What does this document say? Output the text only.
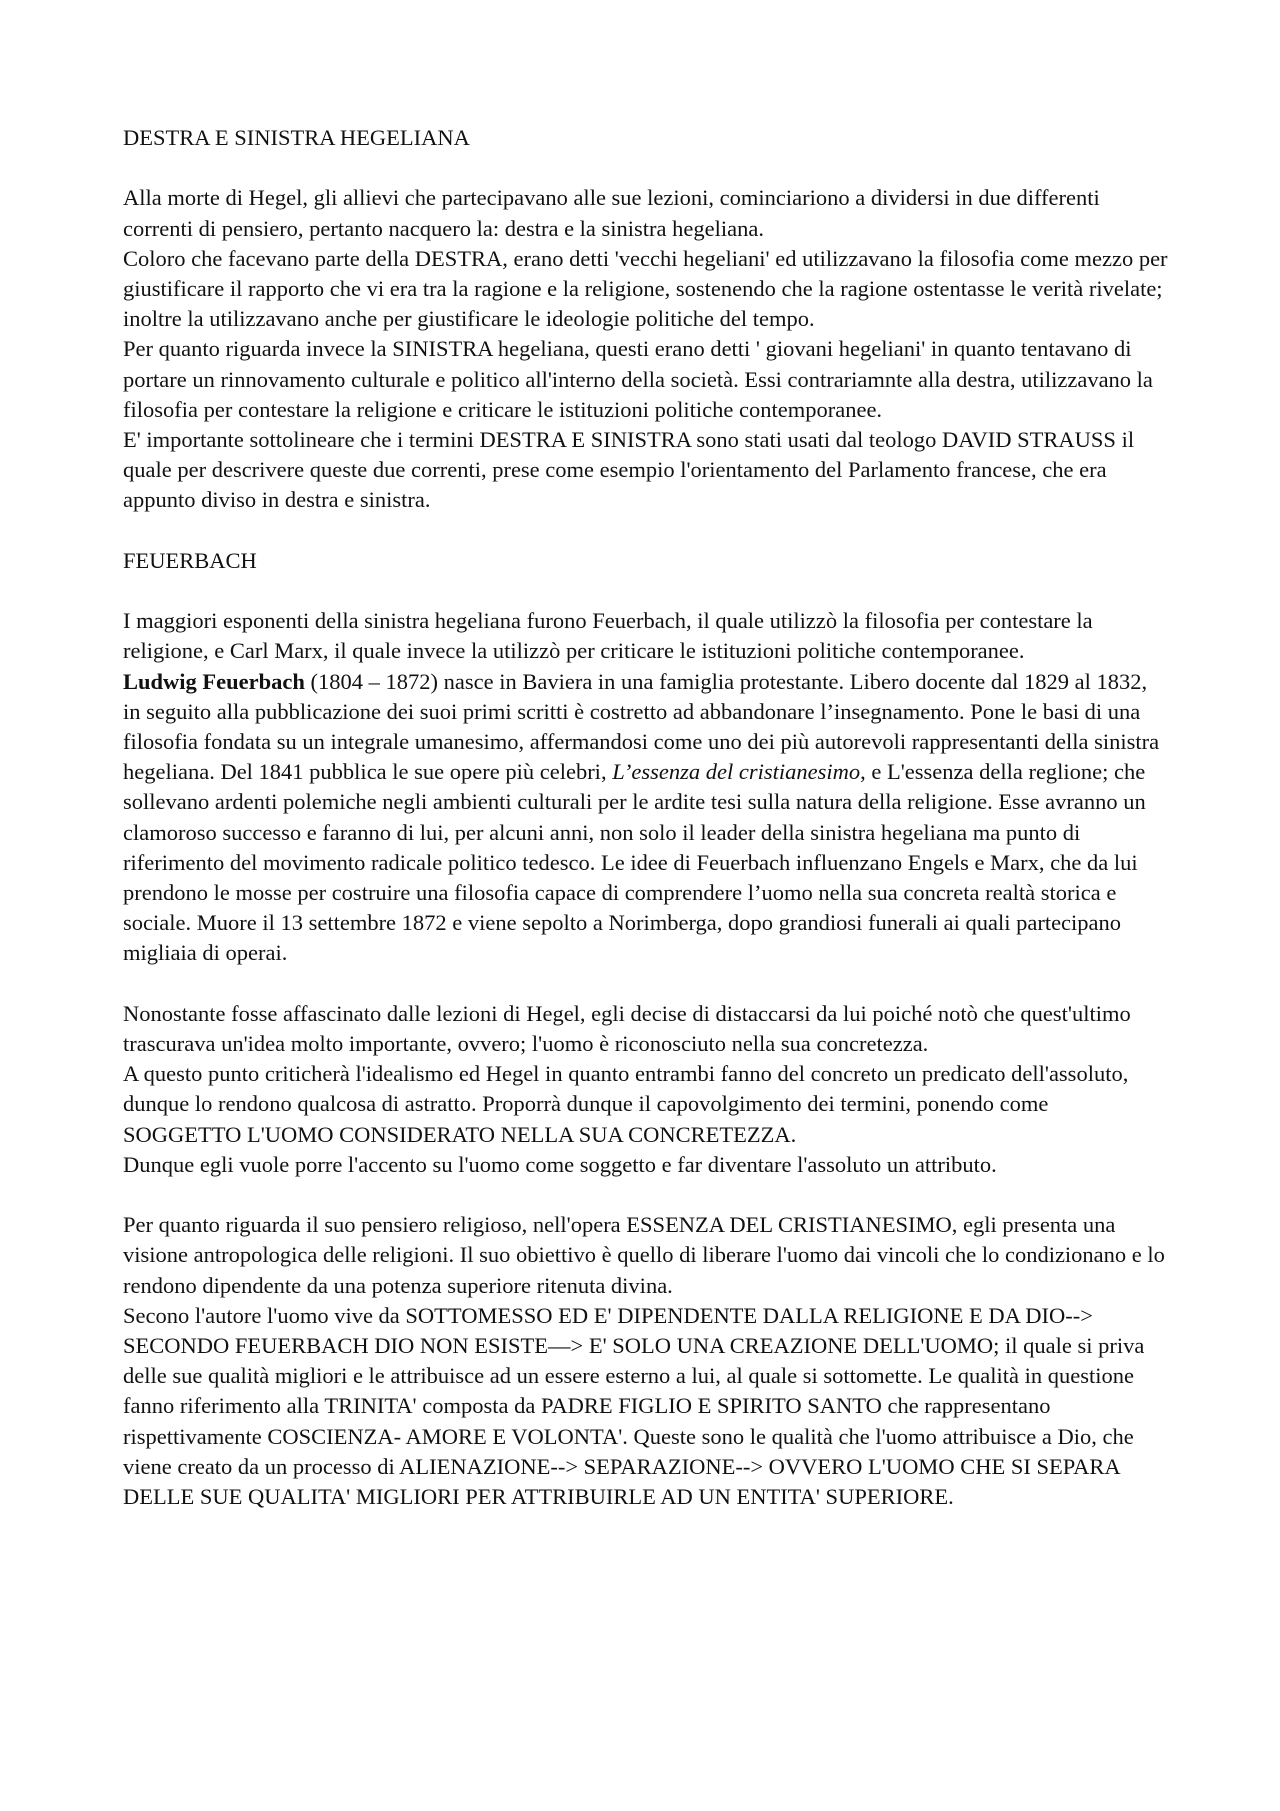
DESTRA E SINISTRA HEGELIANA

Alla morte di Hegel, gli allievi che partecipavano alle sue lezioni, cominciariono a dividersi in due differenti correnti di pensiero, pertanto nacquero la: destra e la sinistra hegeliana.

Coloro che facevano parte della DESTRA, erano detti 'vecchi hegeliani' ed utilizzavano la filosofia come mezzo per giustificare il rapporto che vi era tra la ragione e la religione, sostenendo che la ragione ostentasse le verità rivelate; inoltre la utilizzavano anche per giustificare le ideologie politiche del tempo.

Per quanto riguarda invece la SINISTRA hegeliana, questi erano detti ' giovani hegeliani' in quanto tentavano di portare un rinnovamento culturale e politico all'interno della società. Essi contrariamnte alla destra, utilizzavano la filosofia per contestare la religione e criticare le istituzioni politiche contemporanee.

E' importante sottolineare che i termini DESTRA E SINISTRA sono stati usati dal teologo DAVID STRAUSS il quale per descrivere queste due correnti, prese come esempio l'orientamento del Parlamento francese, che era appunto diviso in destra e sinistra.

FEUERBACH

I maggiori esponenti della sinistra hegeliana furono Feuerbach, il quale utilizzò la filosofia per contestare la religione, e Carl Marx, il quale invece la utilizzò per criticare le istituzioni politiche contemporanee.

Ludwig Feuerbach (1804 – 1872) nasce in Baviera in una famiglia protestante. Libero docente dal 1829 al 1832, in seguito alla pubblicazione dei suoi primi scritti è costretto ad abbandonare l’insegnamento. Pone le basi di una filosofia fondata su un integrale umanesimo, affermandosi come uno dei più autorevoli rappresentanti della sinistra hegeliana. Del 1841 pubblica le sue opere più celebri, L’essenza del cristianesimo, e L'essenza della reglione; che sollevano ardenti polemiche negli ambienti culturali per le ardite tesi sulla natura della religione. Esse avranno un clamoroso successo e faranno di lui, per alcuni anni, non solo il leader della sinistra hegeliana ma punto di riferimento del movimento radicale politico tedesco. Le idee di Feuerbach influenzano Engels e Marx, che da lui prendono le mosse per costruire una filosofia capace di comprendere l’uomo nella sua concreta realtà storica e sociale. Muore il 13 settembre 1872 e viene sepolto a Norimberga, dopo grandiosi funerali ai quali partecipano migliaia di operai.

Nonostante fosse affascinato dalle lezioni di Hegel, egli decise di distaccarsi da lui poiché notò che quest'ultimo trascurava un'idea molto importante, ovvero; l'uomo è riconosciuto nella sua concretezza.

A questo punto criticherà l'idealismo ed Hegel in quanto entrambi fanno del concreto un predicato dell'assoluto, dunque lo rendono qualcosa di astratto. Proporrà dunque il capovolgimento dei termini, ponendo come SOGGETTO L'UOMO CONSIDERATO NELLA SUA CONCRETEZZA.

Dunque egli vuole porre l'accento su l'uomo come soggetto e far diventare l'assoluto un attributo.

Per quanto riguarda il suo pensiero religioso, nell'opera ESSENZA DEL CRISTIANESIMO, egli presenta una visione antropologica delle religioni. Il suo obiettivo è quello di liberare l'uomo dai vincoli che lo condizionano e lo rendono dipendente da una potenza superiore ritenuta divina.

Secono l'autore l'uomo vive da SOTTOMESSO ED E' DIPENDENTE DALLA RELIGIONE E DA DIO--> SECONDO FEUERBACH DIO NON ESISTE—> E' SOLO UNA CREAZIONE DELL'UOMO; il quale si priva delle sue qualità migliori e le attribuisce ad un essere esterno a lui, al quale si sottomette. Le qualità in questione fanno riferimento alla TRINITA' composta da PADRE FIGLIO E SPIRITO SANTO che rappresentano rispettivamente COSCIENZA- AMORE E VOLONTA'. Queste sono le qualità che l'uomo attribuisce a Dio, che viene creato da un processo di ALIENAZIONE--> SEPARAZIONE--> OVVERO L'UOMO CHE SI SEPARA DELLE SUE QUALITA' MIGLIORI PER ATTRIBUIRLE AD UN ENTITA' SUPERIORE.
